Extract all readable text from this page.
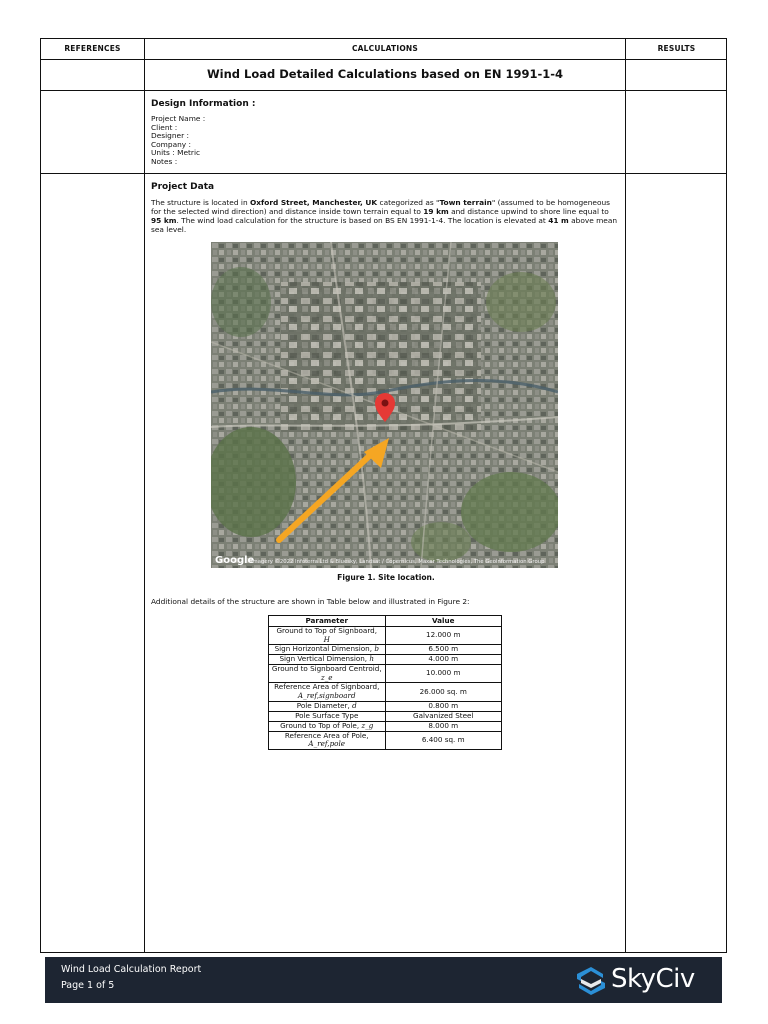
REFERENCES	CALCULATIONS	RESULTS
Wind Load Detailed Calculations based on EN 1991-1-4
Design Information :
Project Name :
Client :
Designer :
Company :
Units : Metric
Notes :
Project Data

The structure is located in Oxford Street, Manchester, UK categorized as "Town terrain" (assumed to be homogeneous for the selected wind direction) and distance inside town terrain equal to 19 km and distance upwind to shore line equal to 95 km. The wind load calculation for the structure is based on BS EN 1991-1-4. The location is elevated at 41 m above mean sea level.

Google
Imagery ©2022 Infoterra Ltd & Bluesky, Landsat / Copernicus, Maxar Technologies, The GeoInformation Group
Figure 1. Site location.
Additional details of the structure are shown in Table below and illustrated in Figure 2:
Parameter	Value

Ground to Top of Signboard,
H	12.000 m
Sign Horizontal Dimension, b	6.500 m
Sign Vertical Dimension, h	4.000 m

Ground to Signboard Centroid,
z_e	10.000 m

Reference Area of Signboard,
A_ref,signboard	26.000 sq. m
Pole Diameter, d	0.800 m
Pole Surface Type	Galvanized Steel
Ground to Top of Pole, z_g	8.000 m

Reference Area of Pole,
A_ref,pole	6.400 sq. m
Wind Load Calculation Report
Page 1 of 5	SkyCiv
